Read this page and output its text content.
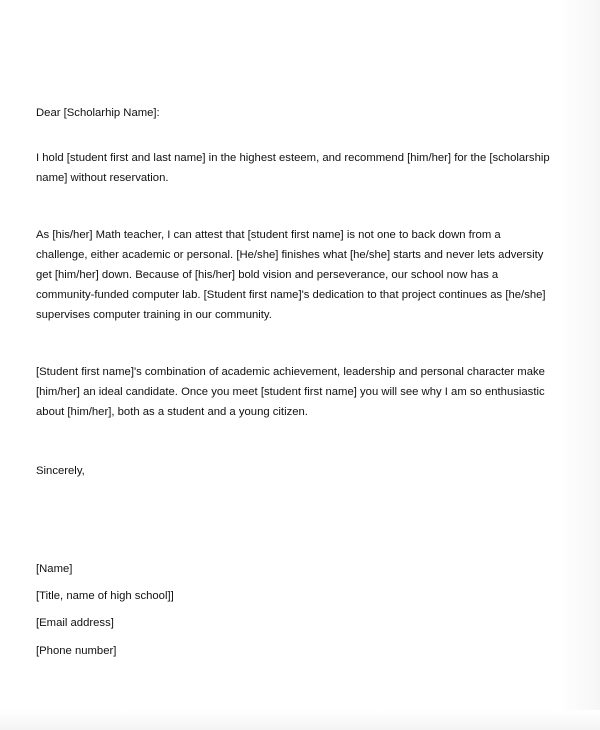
Dear [Scholarhip Name]:
I hold [student first and last name] in the highest esteem, and recommend [him/her] for the [scholarship
name] without reservation.
As [his/her] Math teacher, I can attest that [student first name] is not one to back down from a
challenge, either academic or personal. [He/she] finishes what [he/she] starts and never lets adversity
get [him/her] down. Because of [his/her] bold vision and perseverance, our school now has a
community-funded computer lab. [Student first name]'s dedication to that project continues as [he/she]
supervises computer training in our community.
[Student first name]'s combination of academic achievement, leadership and personal character make
[him/her] an ideal candidate. Once you meet [student first name] you will see why I am so enthusiastic
about [him/her], both as a student and a young citizen.
Sincerely,
[Name]
[Title, name of high school]]
[Email address]
[Phone number]
